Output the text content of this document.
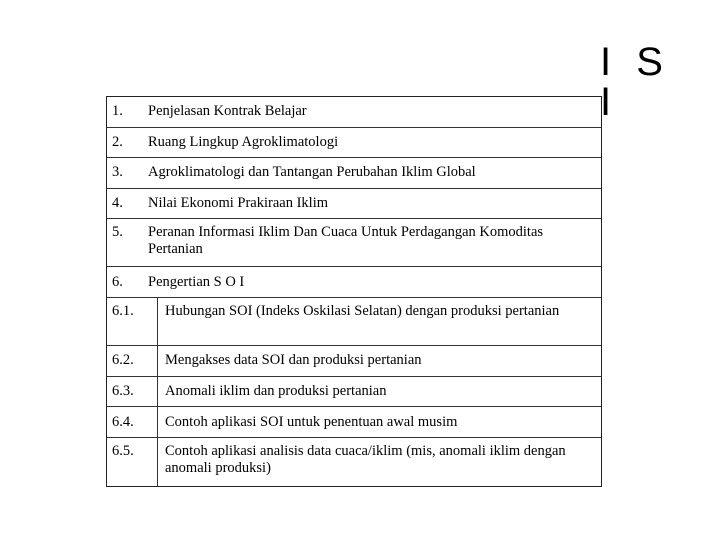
I S I
1.	Penjelasan Kontrak Belajar
2.	Ruang Lingkup Agroklimatologi
3.	Agroklimatologi dan Tantangan Perubahan Iklim Global
4.	Nilai Ekonomi Prakiraan Iklim
5.	Peranan Informasi Iklim Dan Cuaca Untuk Perdagangan Komoditas Pertanian
6.	Pengertian S O I
6.1.	Hubungan SOI (Indeks Oskilasi Selatan) dengan produksi pertanian
6.2.	Mengakses data SOI dan produksi pertanian
6.3.	Anomali iklim dan produksi pertanian
6.4.	Contoh aplikasi SOI untuk penentuan awal musim
6.5.	Contoh aplikasi analisis data cuaca/iklim (mis, anomali iklim dengan anomali produksi)
